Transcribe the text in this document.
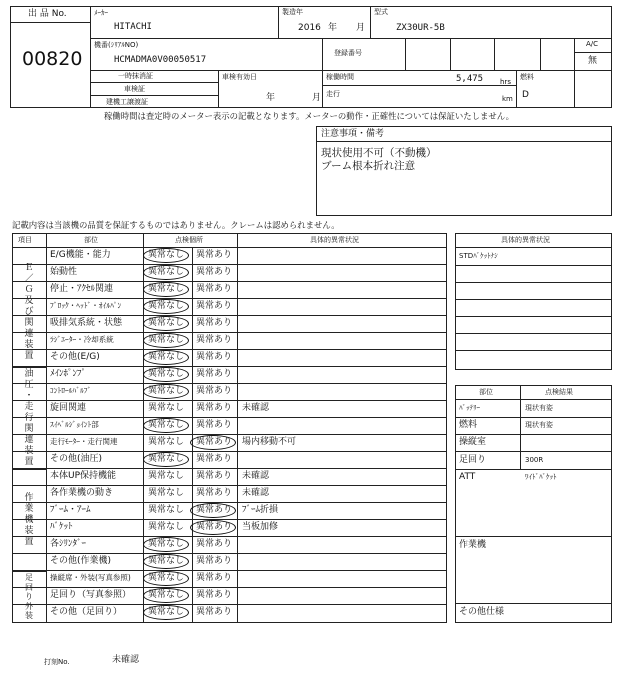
出 品 No.
00820
ﾒｰｶｰ
HITACHI
製造年
2016 年 月
型式
ZX30UR-5B
機番(ｼﾘｱﾙNO)
HCMADMA0V00050517
登録番号
A/C
無
一時抹消証
車検証
建機工譲渡証
車検有効日
年	月
稼働時間	5,475 hrs
走行
km
燃料
D
稼働時間は査定時のメーター表示の記載となります。メーターの動作・正確性については保証いたしません。
注意事項・備考
現状使用不可（不動機）
ブーム根本折れ注意
記載内容は当該機の品質を保証するものではありません。クレームは認められません。
項目	部位	点検個所	具体的異常状況
Ｅ
／
Ｇ
及
び
関
連
装
置
油
圧
・
走
行
関
連
装
置
作
業
機
装
置
足
回
り
外
装
E/G機能・能力	異常なし 異常あり
始動性	異常なし 異常あり
停止・ｱｸｾﾙ関連	異常なし 異常あり
ﾌﾞﾛｯｸ・ﾍｯﾄﾞ・ｵｲﾙﾊﾟﾝ	異常なし 異常あり
吸排気系統・状態	異常なし 異常あり
ﾗｼﾞｴｰﾀｰ・冷却系統	異常なし 異常あり
その他(E/G)	異常なし 異常あり
ﾒｲﾝﾎﾟﾝﾌﾟ	異常なし 異常あり
ｺﾝﾄﾛｰﾙﾊﾞﾙﾌﾞ	異常なし 異常あり
旋回関連	異常なし 異常あり 未確認
ｽｲﾍﾞﾙｼﾞｮｲﾝﾄ部	異常なし 異常あり
走行ﾓｰﾀｰ・走行関連	異常なし 異常あり 場内移動不可
その他(油圧)	異常なし 異常あり
本体UP保持機能	異常なし 異常あり 未確認
各作業機の動き	異常なし 異常あり 未確認
ﾌﾞｰﾑ・ｱｰﾑ	異常なし 異常あり ﾌﾞｰﾑ折損
ﾊﾞｹｯﾄ	異常なし 異常あり 当板加修
各ｼﾘﾝﾀﾞｰ	異常なし 異常あり
その他(作業機)	異常なし 異常あり
操縦席・外装(写真参照) 異常なし 異常あり
足回り（写真参照） 異常なし 異常あり
その他（足回り）	異常なし 異常あり
具体的異常状況
STDﾊﾞｹｯﾄﾅｼ
部位	点検結果
ﾊﾞｯﾃﾘｰ	現状有姿
燃料	現状有姿
操縦室
足回り	300R
ATT	ﾜｲﾄﾞﾊﾞｹｯﾄ
作業機
その他仕様
打刻No.	未確認
